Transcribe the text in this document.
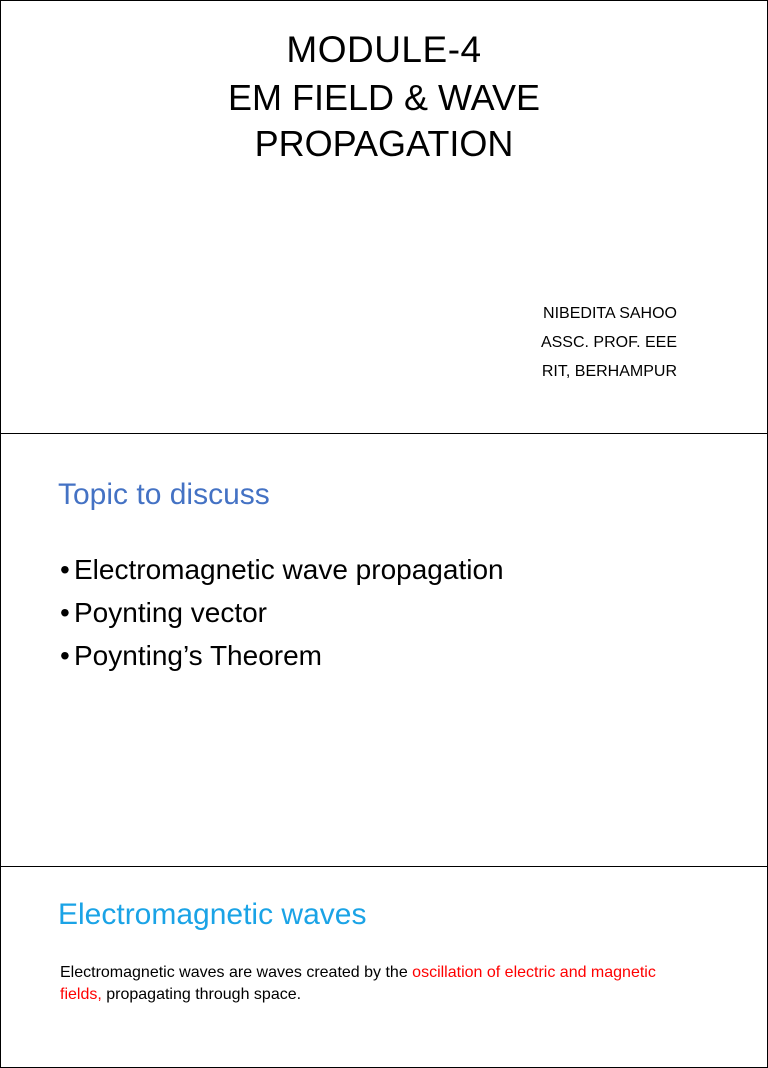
MODULE-4
EM FIELD & WAVE
PROPAGATION
NIBEDITA SAHOO
ASSC. PROF. EEE
RIT, BERHAMPUR
Topic to discuss
• Electromagnetic wave propagation
• Poynting vector
• Poynting’s Theorem
Electromagnetic waves
Electromagnetic waves are waves created by the oscillation of electric and magnetic fields, propagating through space.
